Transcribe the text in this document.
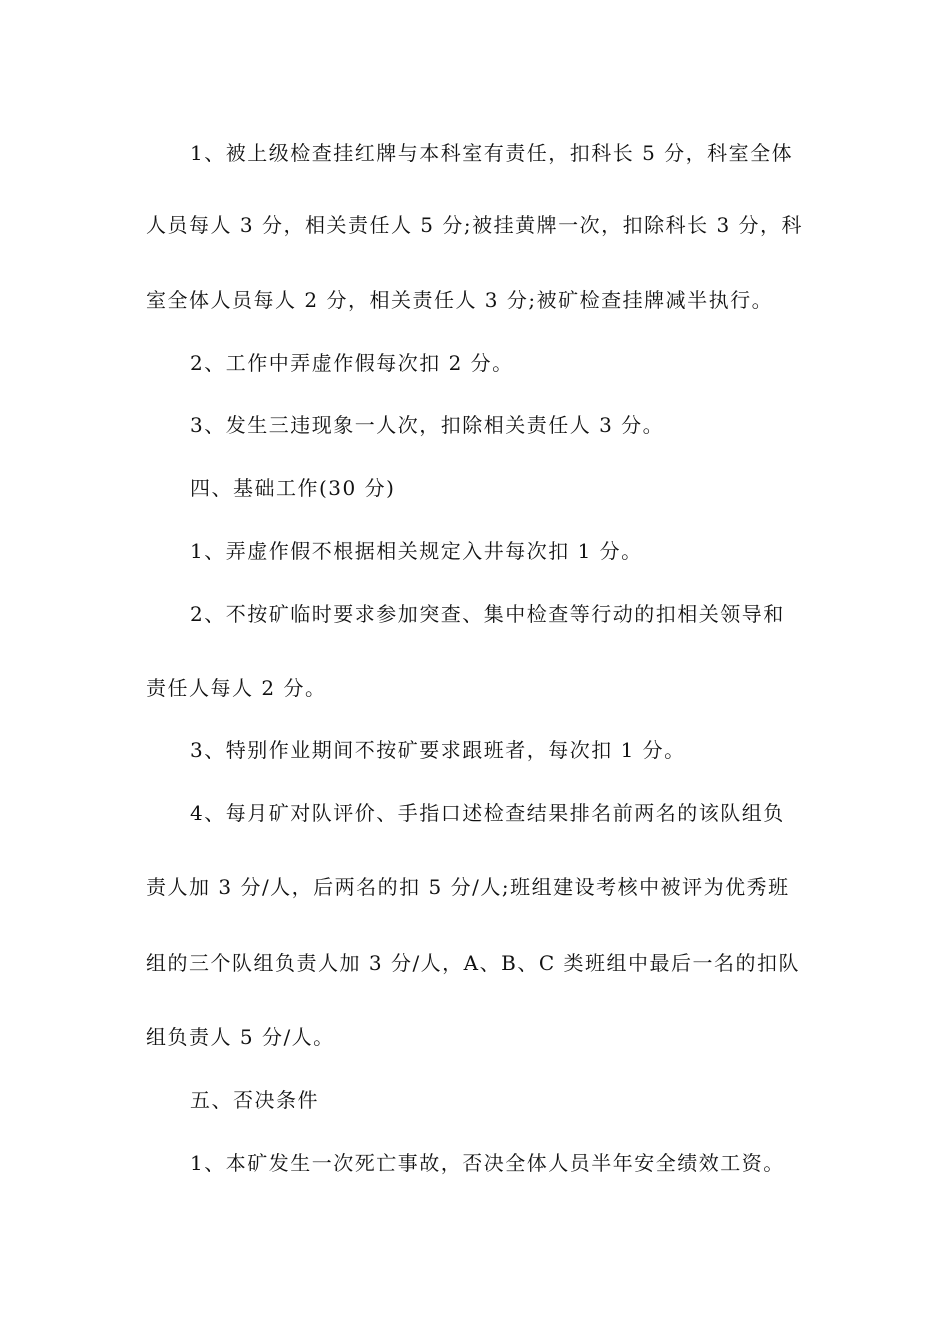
1、被上级检查挂红牌与本科室有责任，扣科长 5 分，科室全体
人员每人 3 分，相关责任人 5 分;被挂黄牌一次，扣除科长 3 分，科
室全体人员每人 2 分，相关责任人 3 分;被矿检查挂牌减半执行。
2、工作中弄虚作假每次扣 2 分。
3、发生三违现象一人次，扣除相关责任人 3 分。
四、基础工作(30 分)
1、弄虚作假不根据相关规定入井每次扣 1 分。
2、不按矿临时要求参加突查、集中检查等行动的扣相关领导和
责任人每人 2 分。
3、特别作业期间不按矿要求跟班者，每次扣 1 分。
4、每月矿对队评价、手指口述检查结果排名前两名的该队组负
责人加 3 分/人，后两名的扣 5 分/人;班组建设考核中被评为优秀班
组的三个队组负责人加 3 分/人，A、B、C 类班组中最后一名的扣队
组负责人 5 分/人。
五、否决条件
1、本矿发生一次死亡事故，否决全体人员半年安全绩效工资。
